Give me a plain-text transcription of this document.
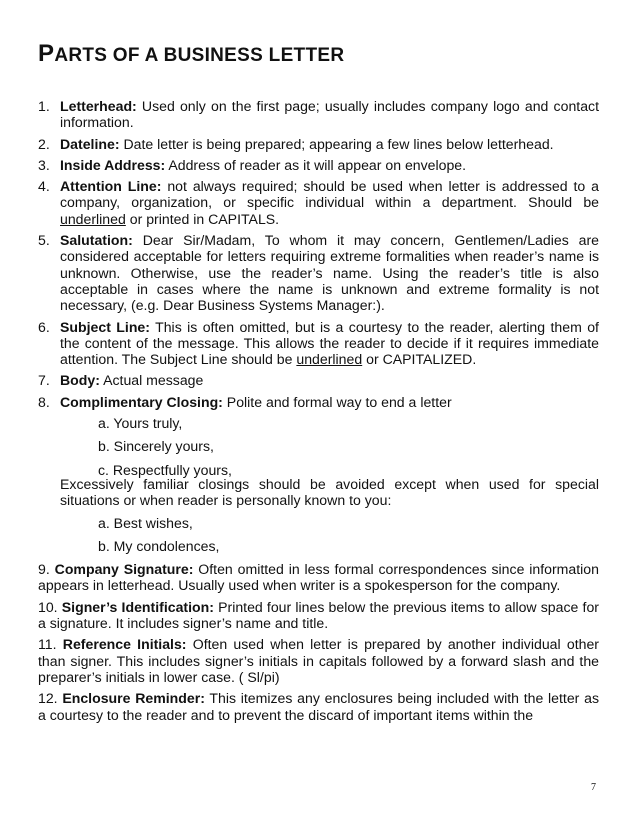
PARTS OF A BUSINESS LETTER
1. Letterhead: Used only on the first page; usually includes company logo and contact information.
2. Dateline: Date letter is being prepared; appearing a few lines below letterhead.
3. Inside Address: Address of reader as it will appear on envelope.
4. Attention Line: not always required; should be used when letter is addressed to a company, organization, or specific individual within a department. Should be underlined or printed in CAPITALS.
5. Salutation: Dear Sir/Madam, To whom it may concern, Gentlemen/Ladies are considered acceptable for letters requiring extreme formalities when reader’s name is unknown. Otherwise, use the reader’s name. Using the reader’s title is also acceptable in cases where the name is unknown and extreme formality is not necessary, (e.g. Dear Business Systems Manager:).
6. Subject Line: This is often omitted, but is a courtesy to the reader, alerting them of the content of the message. This allows the reader to decide if it requires immediate attention. The Subject Line should be underlined or CAPITALIZED.
7. Body: Actual message
8. Complimentary Closing: Polite and formal way to end a letter
a. Yours truly,
b. Sincerely yours,
c. Respectfully yours,
Excessively familiar closings should be avoided except when used for special situations or when reader is personally known to you:
a. Best wishes,
b. My condolences,
9. Company Signature: Often omitted in less formal correspondences since information appears in letterhead. Usually used when writer is a spokesperson for the company.
10. Signer’s Identification: Printed four lines below the previous items to allow space for a signature. It includes signer’s name and title.
11. Reference Initials: Often used when letter is prepared by another individual other than signer. This includes signer’s initials in capitals followed by a forward slash and the preparer’s initials in lower case. ( Sl/pi)
12. Enclosure Reminder: This itemizes any enclosures being included with the letter as a courtesy to the reader and to prevent the discard of important items within the
7
